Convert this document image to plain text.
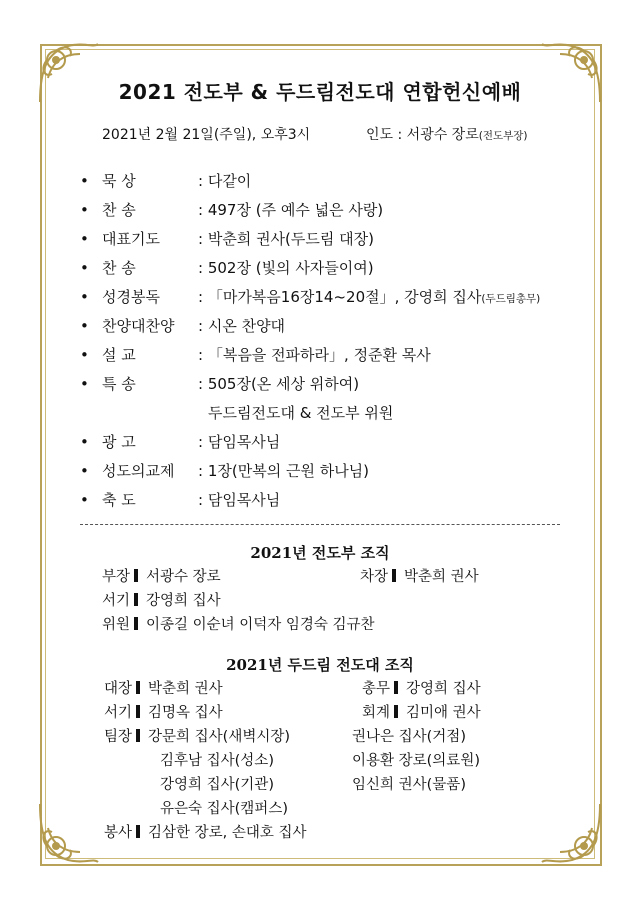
2021 전도부 & 두드림전도대 연합헌신예배
2021년 2월 21일(주일), 오후3시	인도 : 서광수 장로(전도부장)
• 묵 상	: 다같이
• 찬 송	: 497장 (주 예수 넓은 사랑)
• 대표기도	: 박춘희 권사(두드림 대장)
• 찬 송	: 502장 (빛의 사자들이여)
• 성경봉독	: 「마가복음16장14~20절」, 강영희 집사(두드림총무)
• 찬양대찬양 : 시온 찬양대
• 설 교	: 「복음을 전파하라」, 정준환 목사
• 특 송	: 505장(온 세상 위하여)
두드림전도대 & 전도부 위원
• 광 고	: 담임목사님
• 성도의교제 : 1장(만복의 근원 하나님)
• 축 도	: 담임목사님
2021년 전도부 조직
부장 서광수 장로	차장 박춘희 권사
서기 강영희 집사
위원 이종길 이순녀 이덕자 임경숙 김규찬
2021년 두드림 전도대 조직
대장 박춘희 권사	총무 강영희 집사
서기 김명옥 집사	회계 김미애 권사
팀장 강문희 집사(새벽시장)	권나은 집사(거점)
김후남 집사(성소)	이용환 장로(의료원)
강영희 집사(기관)	임신희 권사(물품)
유은숙 집사(캠퍼스)
봉사 김삼한 장로, 손대호 집사
